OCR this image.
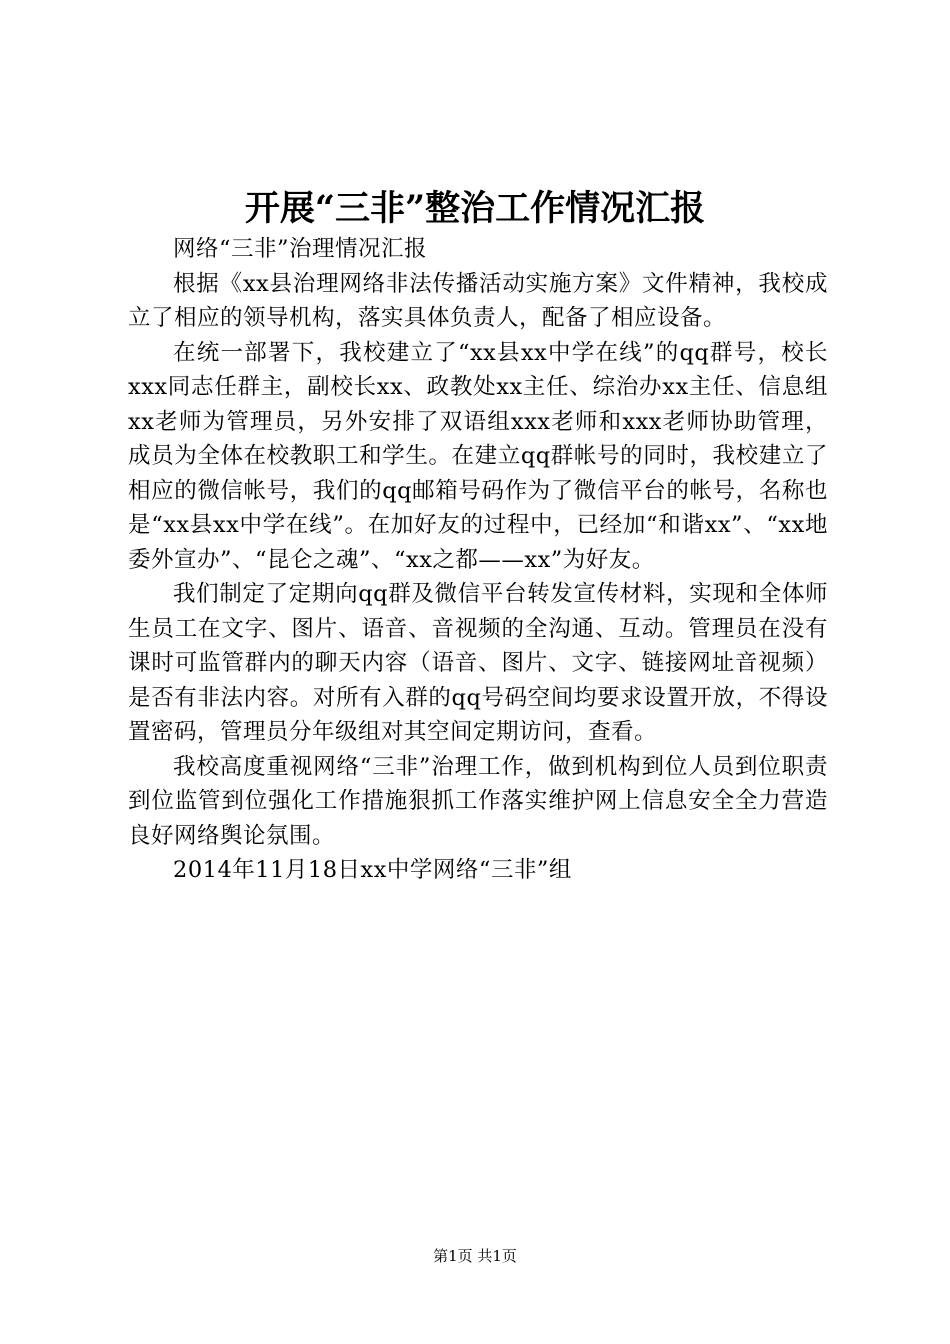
开展“三非”整治工作情况汇报

网络“三非”治理情况汇报

根据《xx县治理网络非法传播活动实施方案》文件精神，我校成立了相应的领导机构，落实具体负责人，配备了相应设备。

在统一部署下，我校建立了“xx县xx中学在线”的qq群号，校长xxx同志任群主，副校长xx、政教处xx主任、综治办xx主任、信息组xx老师为管理员，另外安排了双语组xxx老师和xxx老师协助管理，成员为全体在校教职工和学生。在建立qq群帐号的同时，我校建立了相应的微信帐号，我们的qq邮箱号码作为了微信平台的帐号，名称也是“xx县xx中学在线”。在加好友的过程中，已经加“和谐xx”、“xx地委外宣办”、“昆仑之魂”、“xx之都——xx”为好友。

我们制定了定期向qq群及微信平台转发宣传材料，实现和全体师生员工在文字、图片、语音、音视频的全沟通、互动。管理员在没有课时可监管群内的聊天内容（语音、图片、文字、链接网址音视频）是否有非法内容。对所有入群的qq号码空间均要求设置开放，不得设置密码，管理员分年级组对其空间定期访问，查看。

我校高度重视网络“三非”治理工作，做到机构到位人员到位职责到位监管到位强化工作措施狠抓工作落实维护网上信息安全全力营造良好网络舆论氛围。

2014年11月18日xx中学网络“三非”组

第1页 共1页
